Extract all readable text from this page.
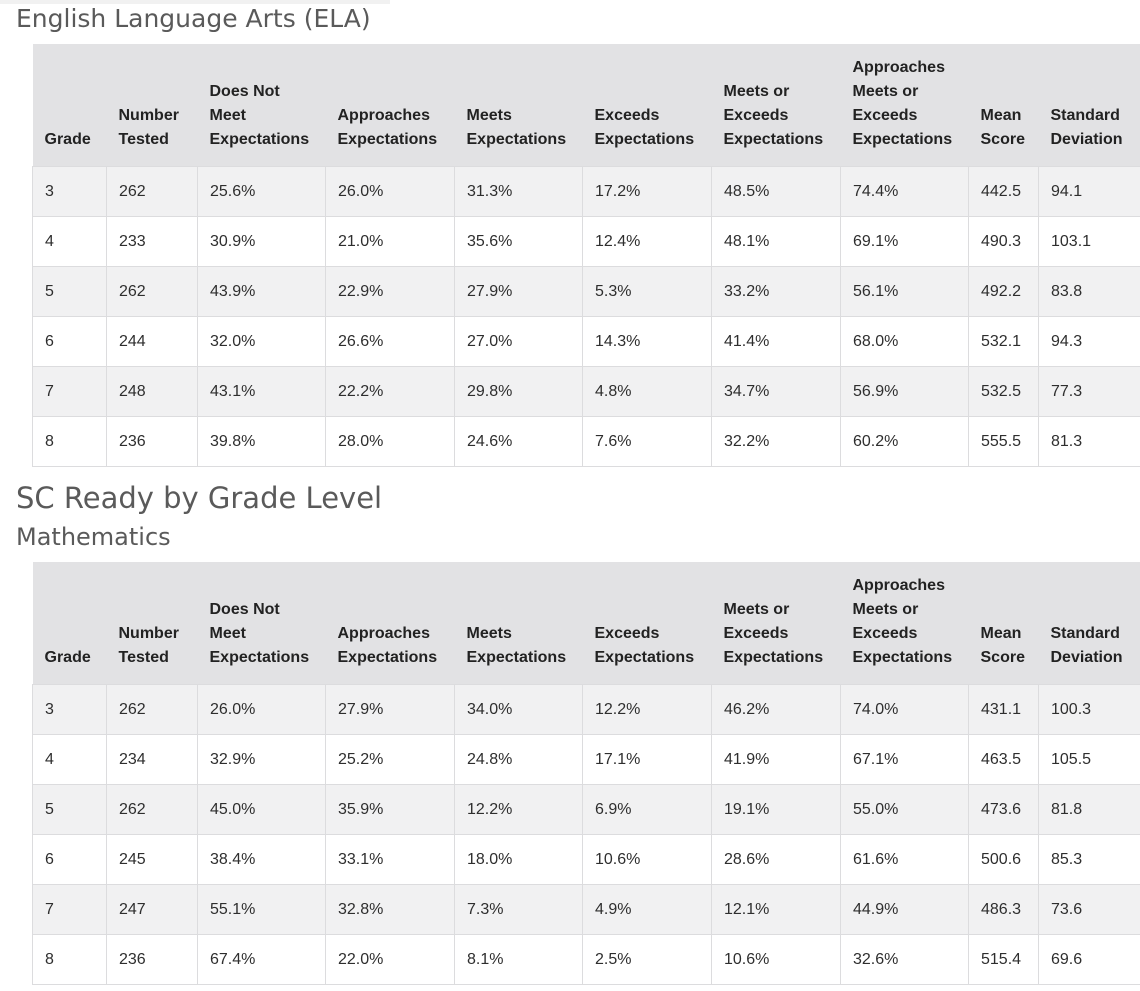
English Language Arts (ELA)
Grade	Number Tested	Does Not Meet Expectations	Approaches Expectations	Meets Expectations	Exceeds Expectations	Meets or Exceeds Expectations	Approaches Meets or Exceeds Expectations	Mean Score	Standard Deviation
3	262	25.6%	26.0%	31.3%	17.2%	48.5%	74.4%	442.5	94.1
4	233	30.9%	21.0%	35.6%	12.4%	48.1%	69.1%	490.3	103.1
5	262	43.9%	22.9%	27.9%	5.3%	33.2%	56.1%	492.2	83.8
6	244	32.0%	26.6%	27.0%	14.3%	41.4%	68.0%	532.1	94.3
7	248	43.1%	22.2%	29.8%	4.8%	34.7%	56.9%	532.5	77.3
8	236	39.8%	28.0%	24.6%	7.6%	32.2%	60.2%	555.5	81.3
SC Ready by Grade Level
Mathematics
Grade	Number Tested	Does Not Meet Expectations	Approaches Expectations	Meets Expectations	Exceeds Expectations	Meets or Exceeds Expectations	Approaches Meets or Exceeds Expectations	Mean Score	Standard Deviation
3	262	26.0%	27.9%	34.0%	12.2%	46.2%	74.0%	431.1	100.3
4	234	32.9%	25.2%	24.8%	17.1%	41.9%	67.1%	463.5	105.5
5	262	45.0%	35.9%	12.2%	6.9%	19.1%	55.0%	473.6	81.8
6	245	38.4%	33.1%	18.0%	10.6%	28.6%	61.6%	500.6	85.3
7	247	55.1%	32.8%	7.3%	4.9%	12.1%	44.9%	486.3	73.6
8	236	67.4%	22.0%	8.1%	2.5%	10.6%	32.6%	515.4	69.6
